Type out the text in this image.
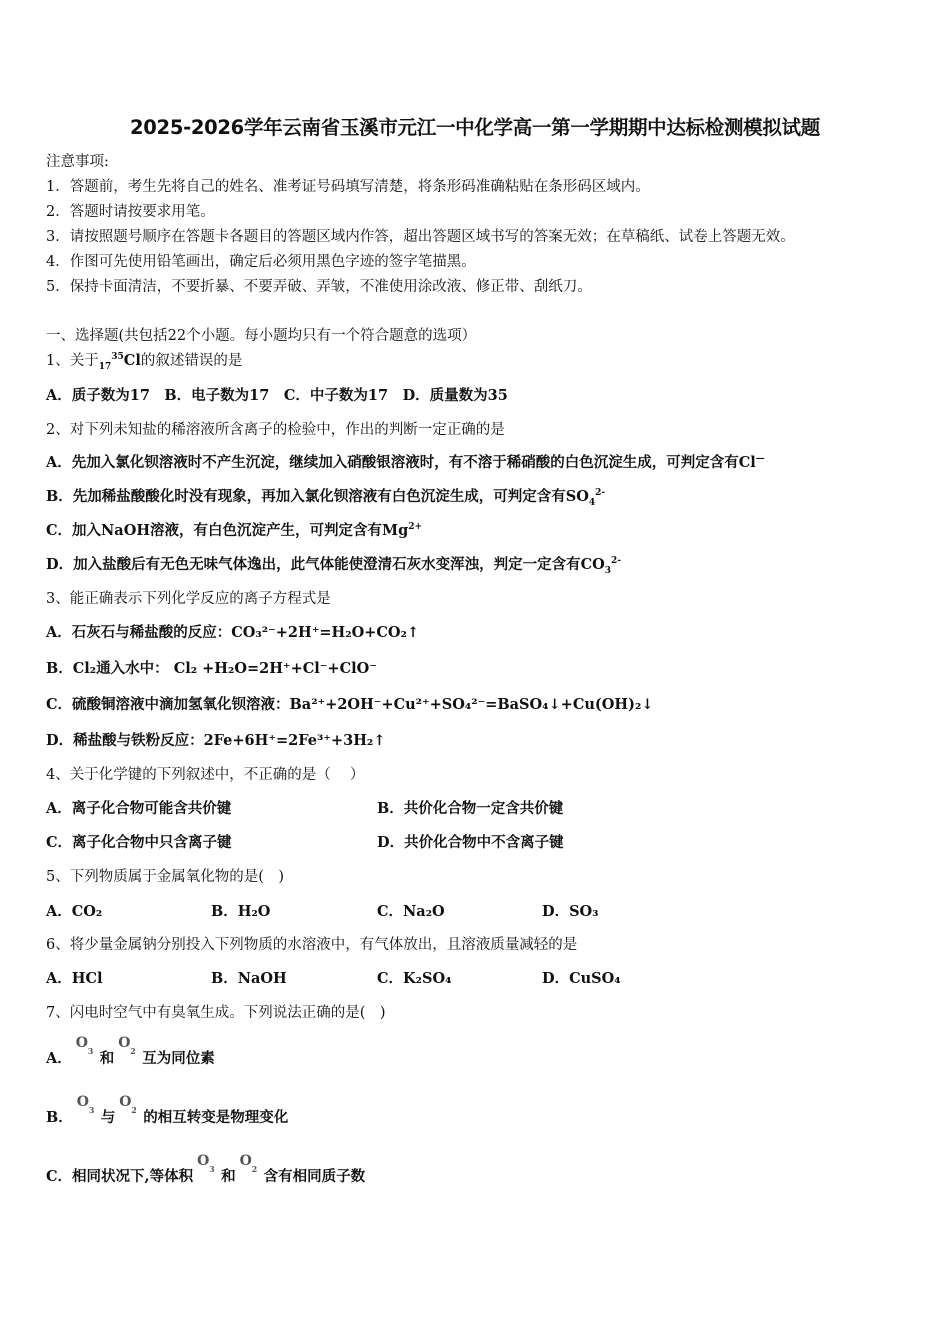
2025-2026学年云南省玉溪市元江一中化学高一第一学期期中达标检测模拟试题
注意事项:
1．答题前，考生先将自己的姓名、准考证号码填写清楚，将条形码准确粘贴在条形码区域内。
2．答题时请按要求用笔。
3．请按照题号顺序在答题卡各题目的答题区域内作答，超出答题区域书写的答案无效；在草稿纸、试卷上答题无效。
4．作图可先使用铅笔画出，确定后必须用黑色字迹的签字笔描黑。
5．保持卡面清洁，不要折暴、不要弄破、弄皱，不准使用涂改液、修正带、刮纸刀。
一、选择题(共包括22个小题。每小题均只有一个符合题意的选项）
1、关于$_{17}^{35}$Cl的叙述错误的是
A．质子数为17　B．电子数为17　C．中子数为17　D．质量数为35
2、对下列未知盐的稀溶液所含离子的检验中，作出的判断一定正确的是
A．先加入氯化钡溶液时不产生沉淀，继续加入硝酸银溶液时，有不溶于稀硝酸的白色沉淀生成，可判定含有Cl—
B．先加稀盐酸酸化时没有现象，再加入氯化钡溶液有白色沉淀生成，可判定含有$SO_4^{2-}$
C．加入NaOH溶液，有白色沉淀产生，可判定含有$Mg^{2+}$
D．加入盐酸后有无色无味气体逸出，此气体能使澄清石灰水变浑浊，判定一定含有$CO_3^{2-}$
3、能正确表示下列化学反应的离子方程式是
A．石灰石与稀盐酸的反应：CO₃²⁻+2H⁺=H₂O+CO₂↑
B．Cl₂通入水中： Cl₂ +H₂O=2H⁺+Cl⁻+ClO⁻
C．硫酸铜溶液中滴加氢氧化钡溶液：Ba²⁺+2OH⁻+Cu²⁺+SO₄²⁻=BaSO₄↓+Cu(OH)₂↓
D．稀盐酸与铁粉反应：2Fe+6H⁺=2Fe³⁺+3H₂↑
4、关于化学键的下列叙述中，不正确的是（　 ）
A．离子化合物可能含共价键	B．共价化合物一定含共价键
C．离子化合物中只含离子键	D．共价化合物中不含离子键
5、下列物质属于金属氧化物的是(　)
A．CO₂	B．H₂O	C．Na₂O	D．SO₃
6、将少量金属钠分别投入下列物质的水溶液中，有气体放出，且溶液质量减轻的是
A．HCl	B．NaOH	C．K₂SO₄	D．CuSO₄
7、闪电时空气中有臭氧生成。下列说法正确的是(　)
A．
O 3 和
O 2 互为同位素
B．
O 3 与
O 2 的相互转变是物理变化
C．相同状况下,等体积
O 3 和
O 2 含有相同质子数
